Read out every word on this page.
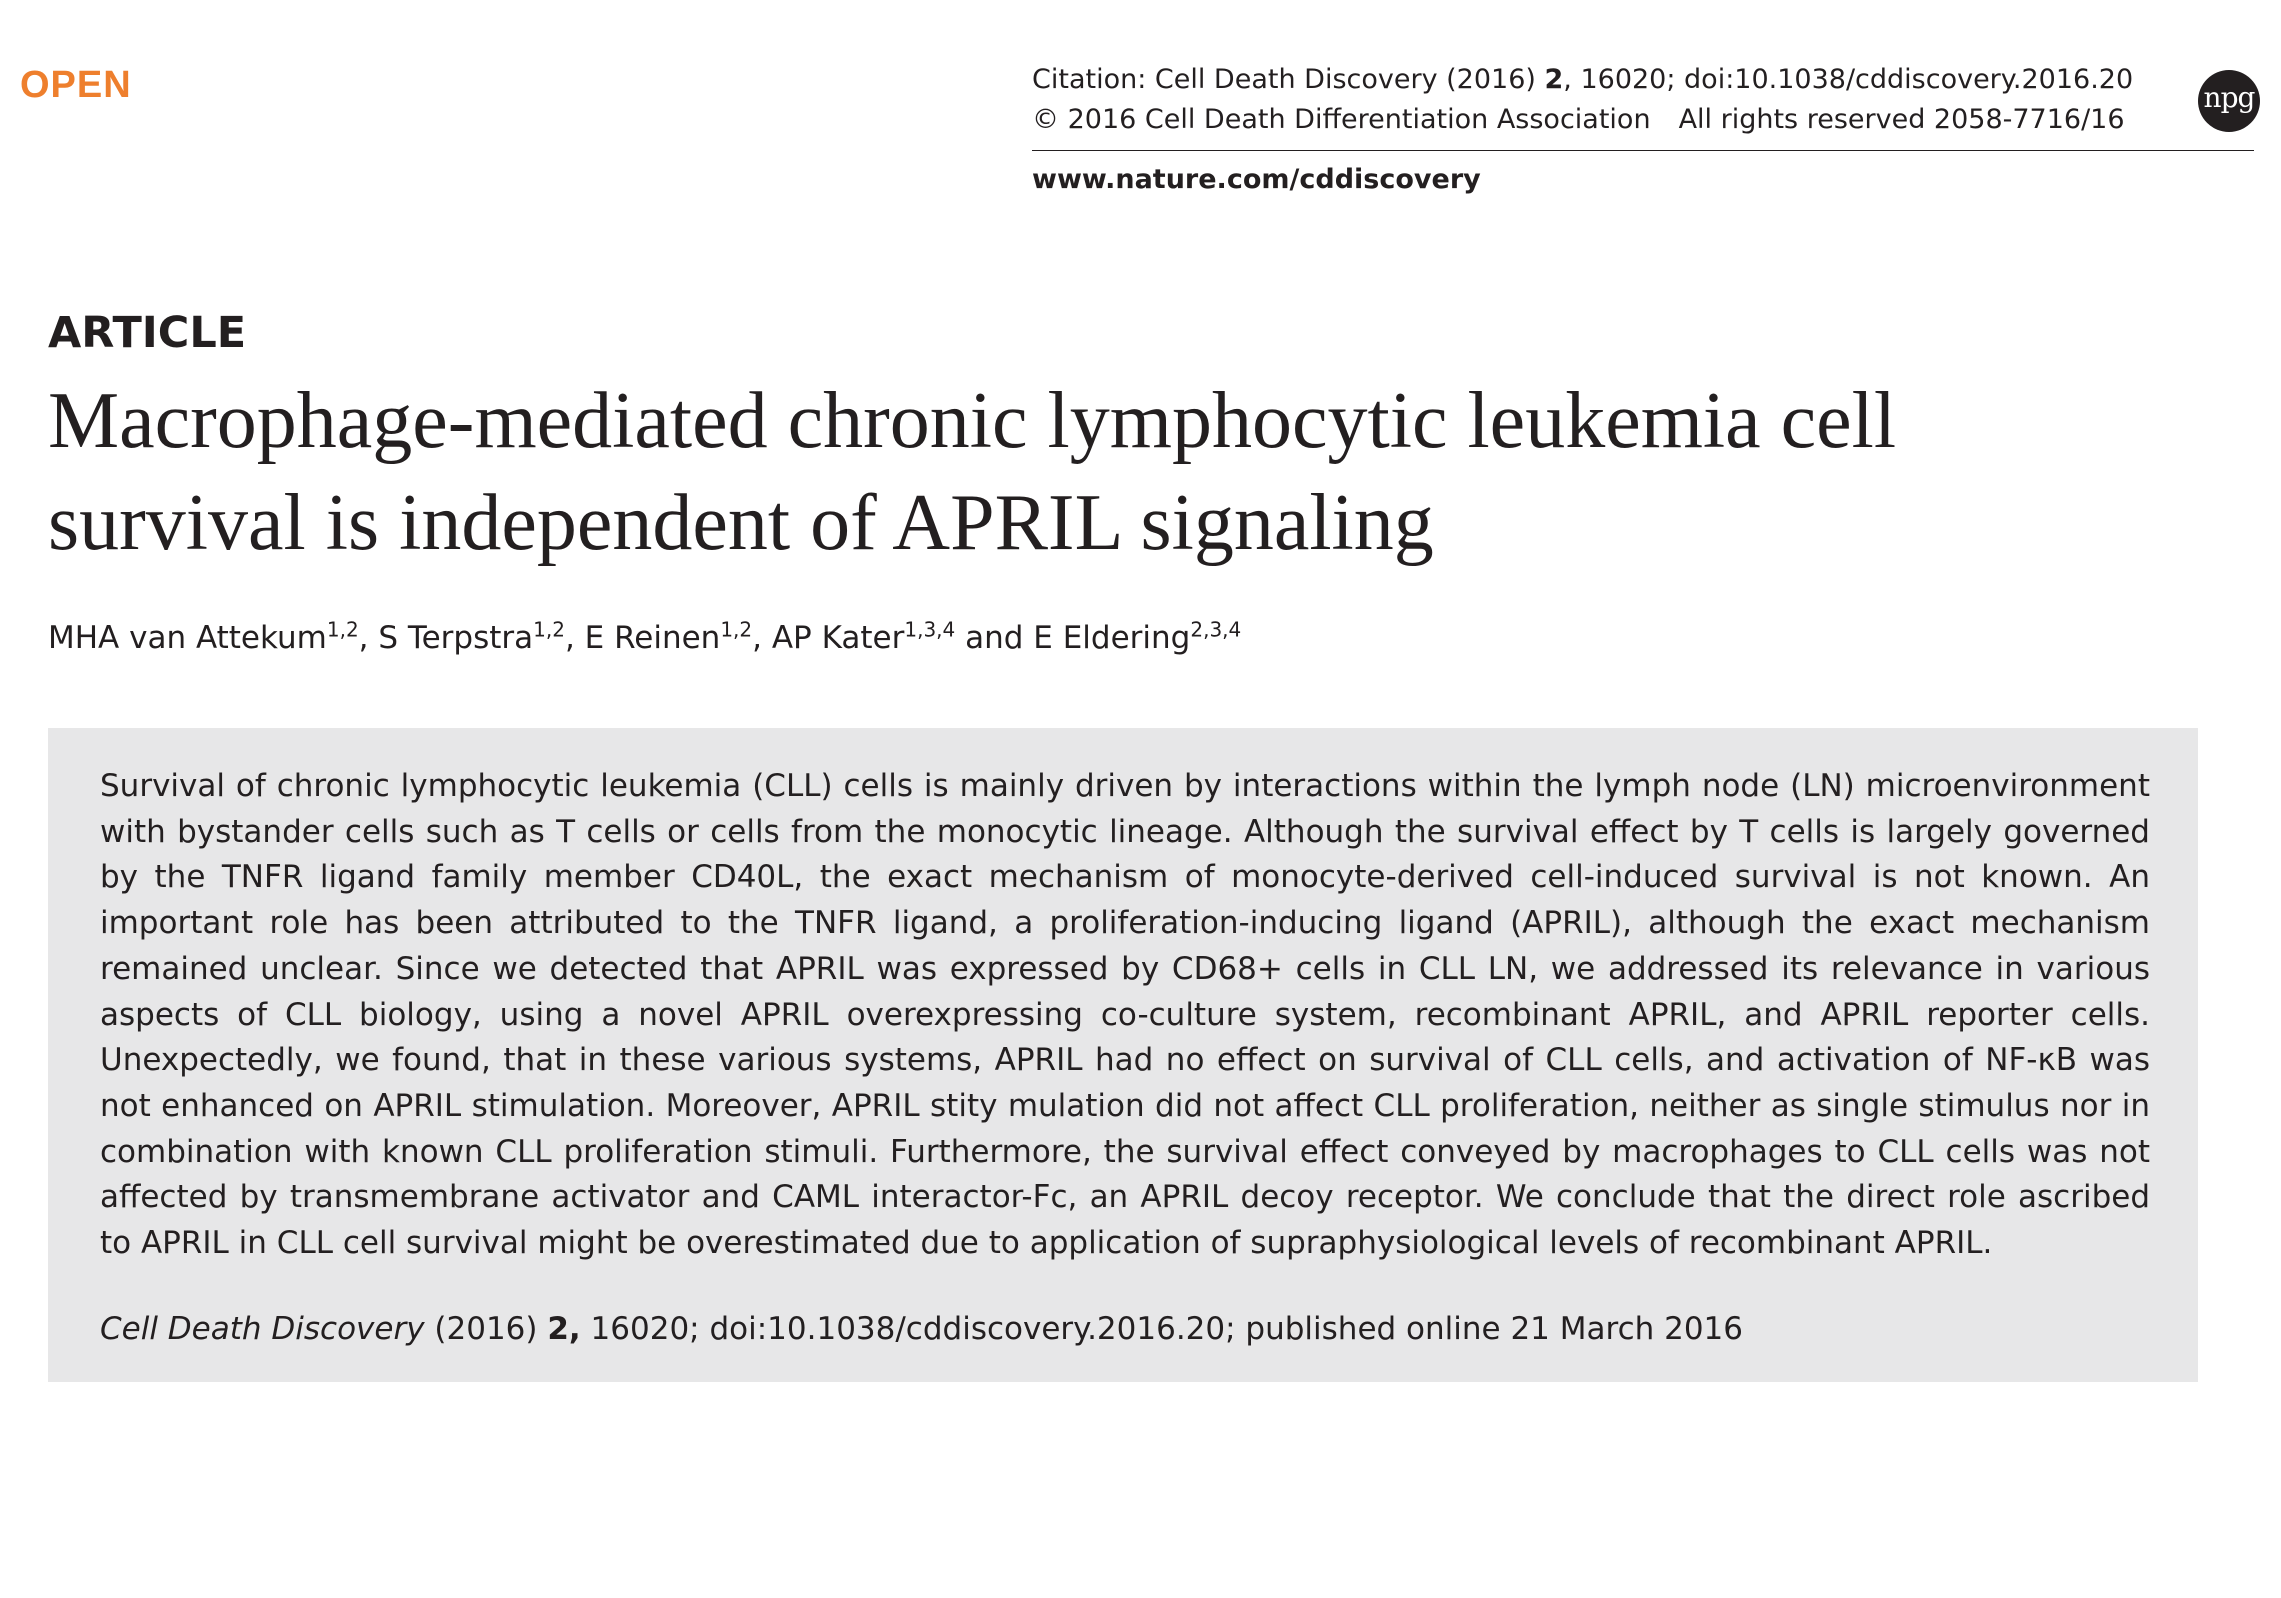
OPEN	Citation: Cell Death Discovery (2016) 2, 16020; doi:10.1038/cddiscovery.2016.20
© 2016 Cell Death Differentiation Association All rights reserved 2058-7716/16
npg
www.nature.com/cddiscovery
ARTICLE
Macrophage-mediated chronic lymphocytic leukemia cell
survival is independent of APRIL signaling
MHA van Attekum$^{1,2}$, S Terpstra$^{1,2}$, E Reinen$^{1,2}$, AP Kater$^{1,3,4}$ and E Eldering$^{2,3,4}$

Survival of chronic lymphocytic leukemia (CLL) cells is mainly driven by interactions within the lymph node (LN) microenvironment with bystander cells such as T cells or cells from the monocytic lineage. Although the survival effect by T cells is largely governed by the TNFR ligand family member CD40L, the exact mechanism of monocyte-derived cell-induced survival is not known. An important role has been attributed to the TNFR ligand, a proliferation-inducing ligand (APRIL), although the exact mechanism remained unclear. Since we detected that APRIL was expressed by CD68+ cells in CLL LN, we addressed its relevance in various aspects of CLL biology, using a novel APRIL overexpressing co-culture system, recombinant APRIL, and APRIL reporter cells. Unexpectedly, we found, that in these various systems, APRIL had no effect on survival of CLL cells, and activation of NF-κB was not enhanced on APRIL stimulation. Moreover, APRIL stity mulation did not affect CLL proliferation, neither as single stimulus nor in combination with known CLL proliferation stimuli. Furthermore, the survival effect conveyed by macrophages to CLL cells was not affected by transmembrane activator and CAML interactor-Fc, an APRIL decoy receptor. We conclude that the direct role ascribed to APRIL in CLL cell survival might be overestimated due to application of supraphysiological levels of recombinant APRIL.

Cell Death Discovery (2016) 2, 16020; doi:10.1038/cddiscovery.2016.20; published online 21 March 2016
